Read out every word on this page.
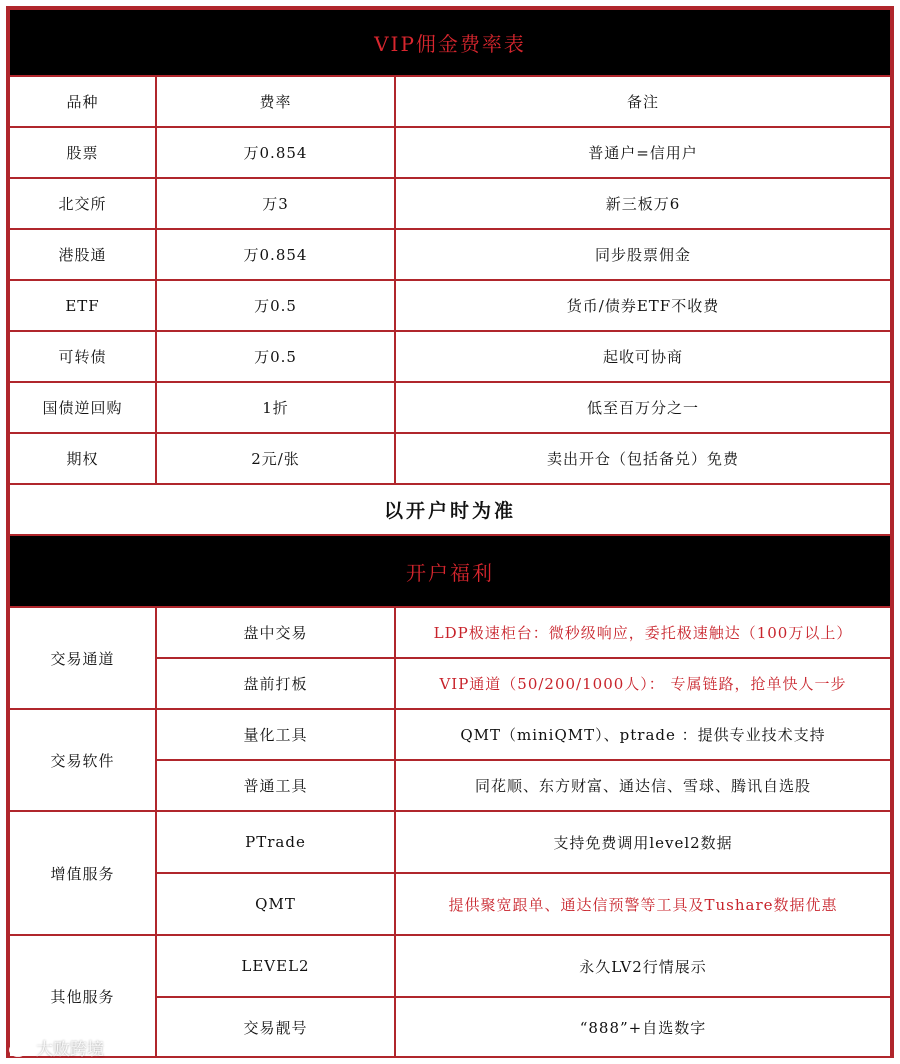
VIP佣金费率表		
品种	费率	备注
股票	万0.854	普通户=信用户
北交所	万3	新三板万6
港股通	万0.854	同步股票佣金
ETF	万0.5	货币/债券ETF不收费
可转债	万0.5	起收可协商
国债逆回购	1折	低至百万分之一
期权	2元/张	卖出开仓（包括备兑）免费
以开户时为准		
开户福利		
交易通道	盘中交易	LDP极速柜台：微秒级响应，委托极速触达（100万以上）
	盘前打板	VIP通道（50/200/1000人）： 专属链路，抢单快人一步
交易软件	量化工具	QMT（miniQMT）、ptrade ：提供专业技术支持
	普通工具	同花顺、东方财富、通达信、雪球、腾讯自选股
增值服务	PTrade	支持免费调用level2数据
	QMT	提供聚宽跟单、通达信预警等工具及Tushare数据优惠
其他服务	LEVEL2	永久LV2行情展示
	交易靓号	“888”+自选数字
大败跨境
